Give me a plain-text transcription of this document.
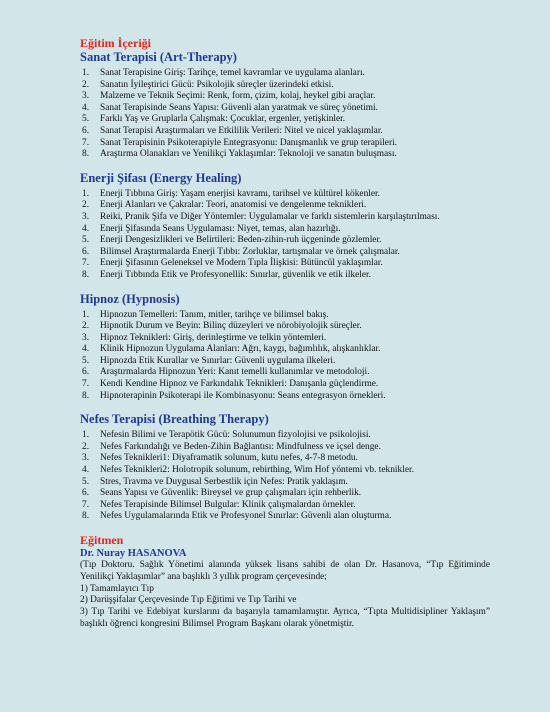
Eğitim İçeriği
Sanat Terapisi (Art-Therapy)
1.	Sanat Terapisine Giriş: Tarihçe, temel kavramlar ve uygulama alanları.
2.	Sanatın İyileştirici Gücü: Psikolojik süreçler üzerindeki etkisi.
3.	Malzeme ve Teknik Seçimi: Renk, form, çizim, kolaj, heykel gibi araçlar.
4.	Sanat Terapisinde Seans Yapısı: Güvenli alan yaratmak ve süreç yönetimi.
5.	Farklı Yaş ve Gruplarla Çalışmak: Çocuklar, ergenler, yetişkinler.
6.	Sanat Terapisi Araştırmaları ve Etkililik Verileri: Nitel ve nicel yaklaşımlar.
7.	Sanat Terapisinin Psikoterapiyle Entegrasyonu: Danışmanlık ve grup terapileri.
8.	Araştırma Olanakları ve Yenilikçi Yaklaşımlar: Teknoloji ve sanatın buluşması.
Enerji Şifası (Energy Healing)
1.	Enerji Tıbbına Giriş: Yaşam enerjisi kavramı, tarihsel ve kültürel kökenler.
2.	Enerji Alanları ve Çakralar: Teori, anatomisi ve dengelenme teknikleri.
3.	Reiki, Pranik Şifa ve Diğer Yöntemler: Uygulamalar ve farklı sistemlerin karşılaştırılması.
4.	Enerji Şifasında Seans Uygulaması: Niyet, temas, alan hazırlığı.
5.	Enerji Dengesizlikleri ve Belirtileri: Beden-zihin-ruh üçgeninde gözlemler.
6.	Bilimsel Araştırmalarda Enerji Tıbbı: Zorluklar, tartışmalar ve örnek çalışmalar.
7.	Enerji Şifasının Geleneksel ve Modern Tıpla İlişkisi: Bütüncül yaklaşımlar.
8.	Enerji Tıbbında Etik ve Profesyonellik: Sınırlar, güvenlik ve etik ilkeler.
Hipnoz (Hypnosis)
1.	Hipnozun Temelleri: Tanım, mitler, tarihçe ve bilimsel bakış.
2.	Hipnotik Durum ve Beyin: Bilinç düzeyleri ve nörobiyolojik süreçler.
3.	Hipnoz Teknikleri: Giriş, derinleştirme ve telkin yöntemleri.
4.	Klinik Hipnozun Uygulama Alanları: Ağrı, kaygı, bağımlılık, alışkanlıklar.
5.	Hipnozda Etik Kurallar ve Sınırlar: Güvenli uygulama ilkeleri.
6.	Araştırmalarda Hipnozun Yeri: Kanıt temelli kullanımlar ve metodoloji.
7.	Kendi Kendine Hipnoz ve Farkındalık Teknikleri: Danışanla güçlendirme.
8.	Hipnoterapinin Psikoterapi ile Kombinasyonu: Seans entegrasyon örnekleri.
Nefes Terapisi (Breathing Therapy)
1.	Nefesin Bilimi ve Terapötik Gücü: Solunumun fizyolojisi ve psikolojisi.
2.	Nefes Farkındalığı ve Beden-Zihin Bağlantısı: Mindfulness ve içsel denge.
3.	Nefes Teknikleri1: Diyaframatik solunum, kutu nefes, 4-7-8 metodu.
4.	Nefes Teknikleri2: Holotropik solunum, rebirthing, Wim Hof yöntemi vb. teknikler.
5.	Stres, Travma ve Duygusal Serbestlik için Nefes: Pratik yaklaşım.
6.	Seans Yapısı ve Güvenlik: Bireysel ve grup çalışmaları için rehberlik.
7.	Nefes Terapisinde Bilimsel Bulgular: Klinik çalışmalardan örnekler.
8.	Nefes Uygulamalarında Etik ve Profesyonel Sınırlar: Güvenli alan oluşturma.
Eğitmen
Dr. Nuray HASANOVA

(Tıp Doktoru. Sağlık Yönetimi alanında yüksek lisans sahibi de olan Dr. Hasanova, “Tıp Eğitiminde Yenilikçi Yaklaşımlar” ana başlıklı 3 yıllık program çerçevesinde;

1) Tamamlayıcı Tıp

2) Darüşşifalar Çerçevesinde Tıp Eğitimi ve Tıp Tarihi ve

3) Tıp Tarihi ve Edebiyat kurslarını da başarıyla tamamlamıştır. Ayrıca, “Tıpta Multidisipliner Yaklaşım” başlıklı öğrenci kongresini Bilimsel Program Başkanı olarak yönetmiştir.
